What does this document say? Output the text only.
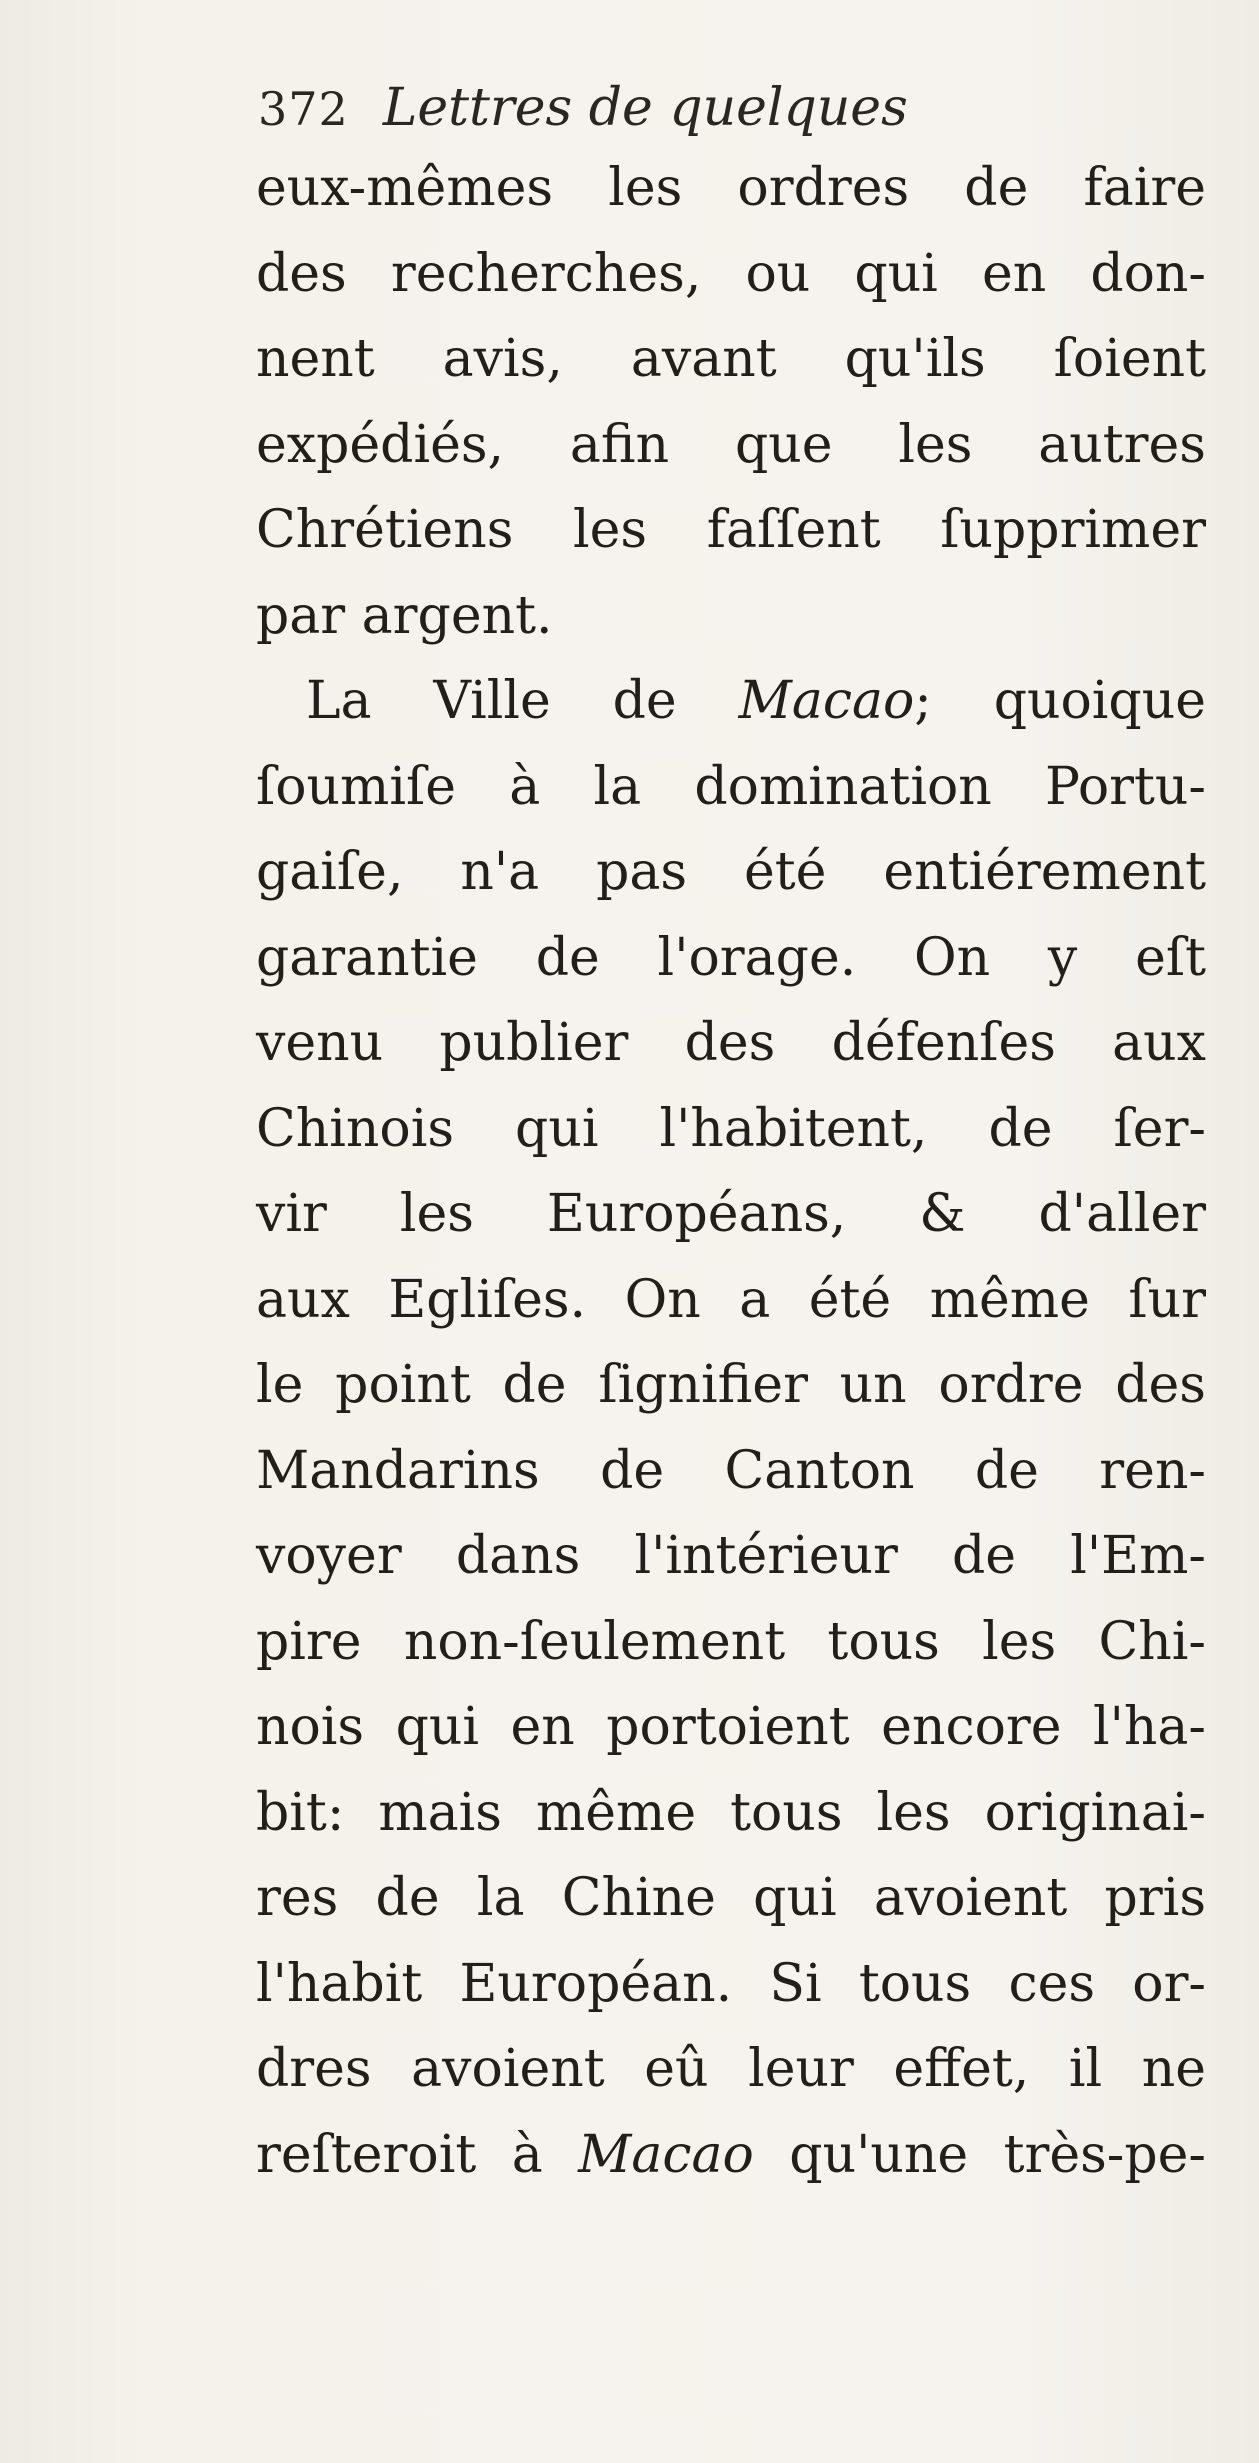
372 Lettres de quelques
eux-mêmes les ordres de faire
des recherches, ou qui en don-
nent avis, avant qu'ils ſoient
expédiés, afin que les autres
Chrétiens les faſſent ſupprimer
par argent.
La Ville de Macao; quoique
ſoumiſe à la domination Portu-
gaiſe, n'a pas été entiérement
garantie de l'orage. On y eſt
venu publier des défenſes aux
Chinois qui l'habitent, de ſer-
vir les Européans, & d'aller
aux Egliſes. On a été même ſur
le point de ſignifier un ordre des
Mandarins de Canton de ren-
voyer dans l'intérieur de l'Em-
pire non-ſeulement tous les Chi-
nois qui en portoient encore l'ha-
bit: mais même tous les originai-
res de la Chine qui avoient pris
l'habit Européan. Si tous ces or-
dres avoient eû leur effet, il ne
reſteroit à Macao qu'une très-pe-
